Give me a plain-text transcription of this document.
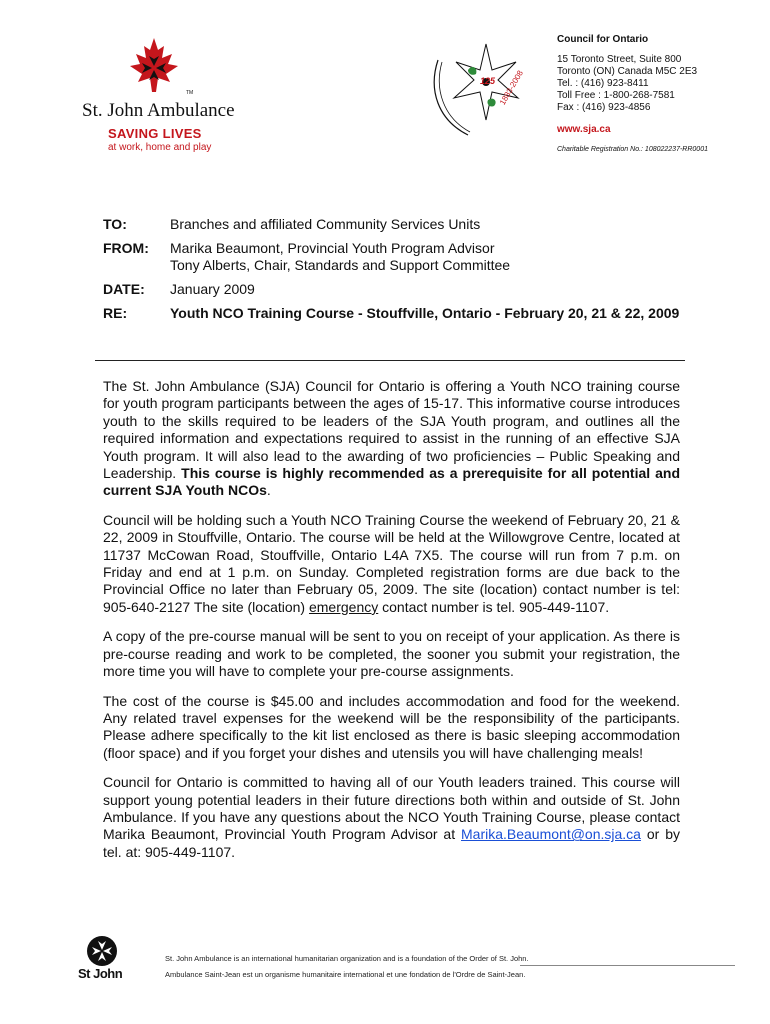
TM
St. John Ambulance
SAVING LIVES
at work, home and play
125 1883-2008
Council for Ontario
15 Toronto Street, Suite 800
Toronto (ON) Canada M5C 2E3
Tel. : (416) 923-8411
Toll Free : 1-800-268-7581
Fax : (416) 923-4856
www.sja.ca
Charitable Registration No.: 108022237-RR0001
TO:	Branches and affiliated Community Services Units
FROM: Marika Beaumont, Provincial Youth Program Advisor
Tony Alberts, Chair, Standards and Support Committee
DATE: January 2009
RE:	Youth NCO Training Course - Stouffville, Ontario - February 20, 21 & 22, 2009

The St. John Ambulance (SJA) Council for Ontario is offering a Youth NCO training course for youth program participants between the ages of 15-17. This informative course introduces youth to the skills required to be leaders of the SJA Youth program, and outlines all the required information and expectations required to assist in the running of an effective SJA Youth program. It will also lead to the awarding of two proficiencies – Public Speaking and Leadership. This course is highly recommended as a prerequisite for all potential and current SJA Youth NCOs.

Council will be holding such a Youth NCO Training Course the weekend of February 20, 21 & 22, 2009 in Stouffville, Ontario. The course will be held at the Willowgrove Centre, located at 11737 McCowan Road, Stouffville, Ontario L4A 7X5. The course will run from 7 p.m. on Friday and end at 1 p.m. on Sunday. Completed registration forms are due back to the Provincial Office no later than February 05, 2009. The site (location) contact number is tel: 905-640-2127 The site (location) emergency contact number is tel. 905-449-1107.

A copy of the pre-course manual will be sent to you on receipt of your application. As there is pre-course reading and work to be completed, the sooner you submit your registration, the more time you will have to complete your pre-course assignments.

The cost of the course is $45.00 and includes accommodation and food for the weekend. Any related travel expenses for the weekend will be the responsibility of the participants. Please adhere specifically to the kit list enclosed as there is basic sleeping accommodation (floor space) and if you forget your dishes and utensils you will have challenging meals!

Council for Ontario is committed to having all of our Youth leaders trained. This course will support young potential leaders in their future directions both within and outside of St. John Ambulance. If you have any questions about the NCO Youth Training Course, please contact Marika Beaumont, Provincial Youth Program Advisor at Marika.Beaumont@on.sja.ca or by tel. at: 905-449-1107.

St John
St. John Ambulance is an international humanitarian organization and is a foundation of the Order of St. John.
Ambulance Saint-Jean est un organisme humanitaire international et une fondation de l'Ordre de Saint-Jean.
